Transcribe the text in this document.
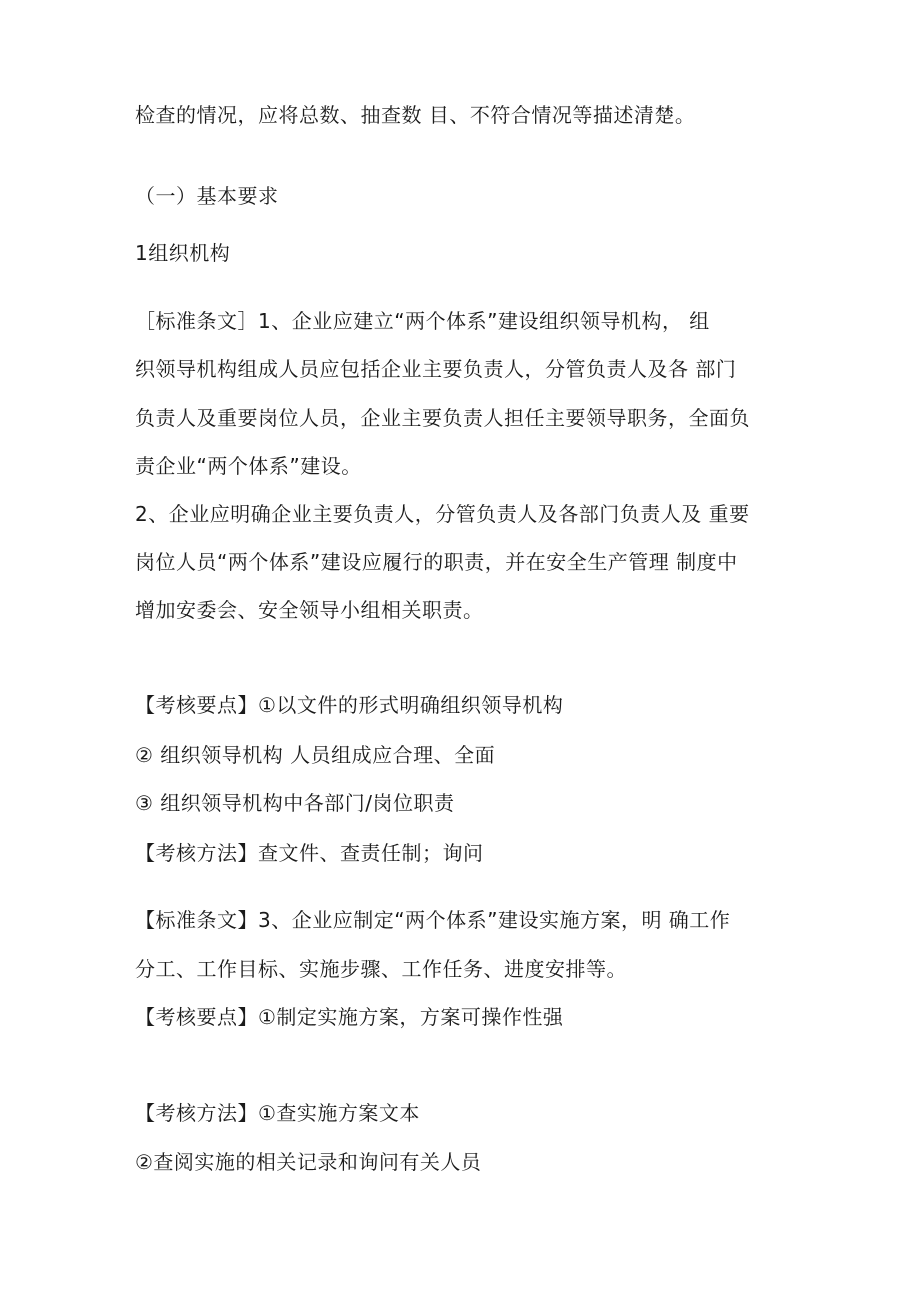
检查的情况，应将总数、抽查数 目、不符合情况等描述清楚。
（一）基本要求
1组织机构
［标准条文］1、企业应建立“两个体系”建设组织领导机构， 组
织领导机构组成人员应包括企业主要负责人，分管负责人及各 部门
负责人及重要岗位人员，企业主要负责人担任主要领导职务，全面负
责企业“两个体系”建设。
2、企业应明确企业主要负责人，分管负责人及各部门负责人及 重要
岗位人员“两个体系”建设应履行的职责，并在安全生产管理 制度中
增加安委会、安全领导小组相关职责。
【考核要点】①以文件的形式明确组织领导机构
② 组织领导机构 人员组成应合理、全面
③ 组织领导机构中各部门/岗位职责
【考核方法】查文件、查责任制；询问
【标准条文】3、企业应制定“两个体系”建设实施方案，明 确工作
分工、工作目标、实施步骤、工作任务、进度安排等。
【考核要点】①制定实施方案，方案可操作性强
【考核方法】①查实施方案文本
②查阅实施的相关记录和询问有关人员
